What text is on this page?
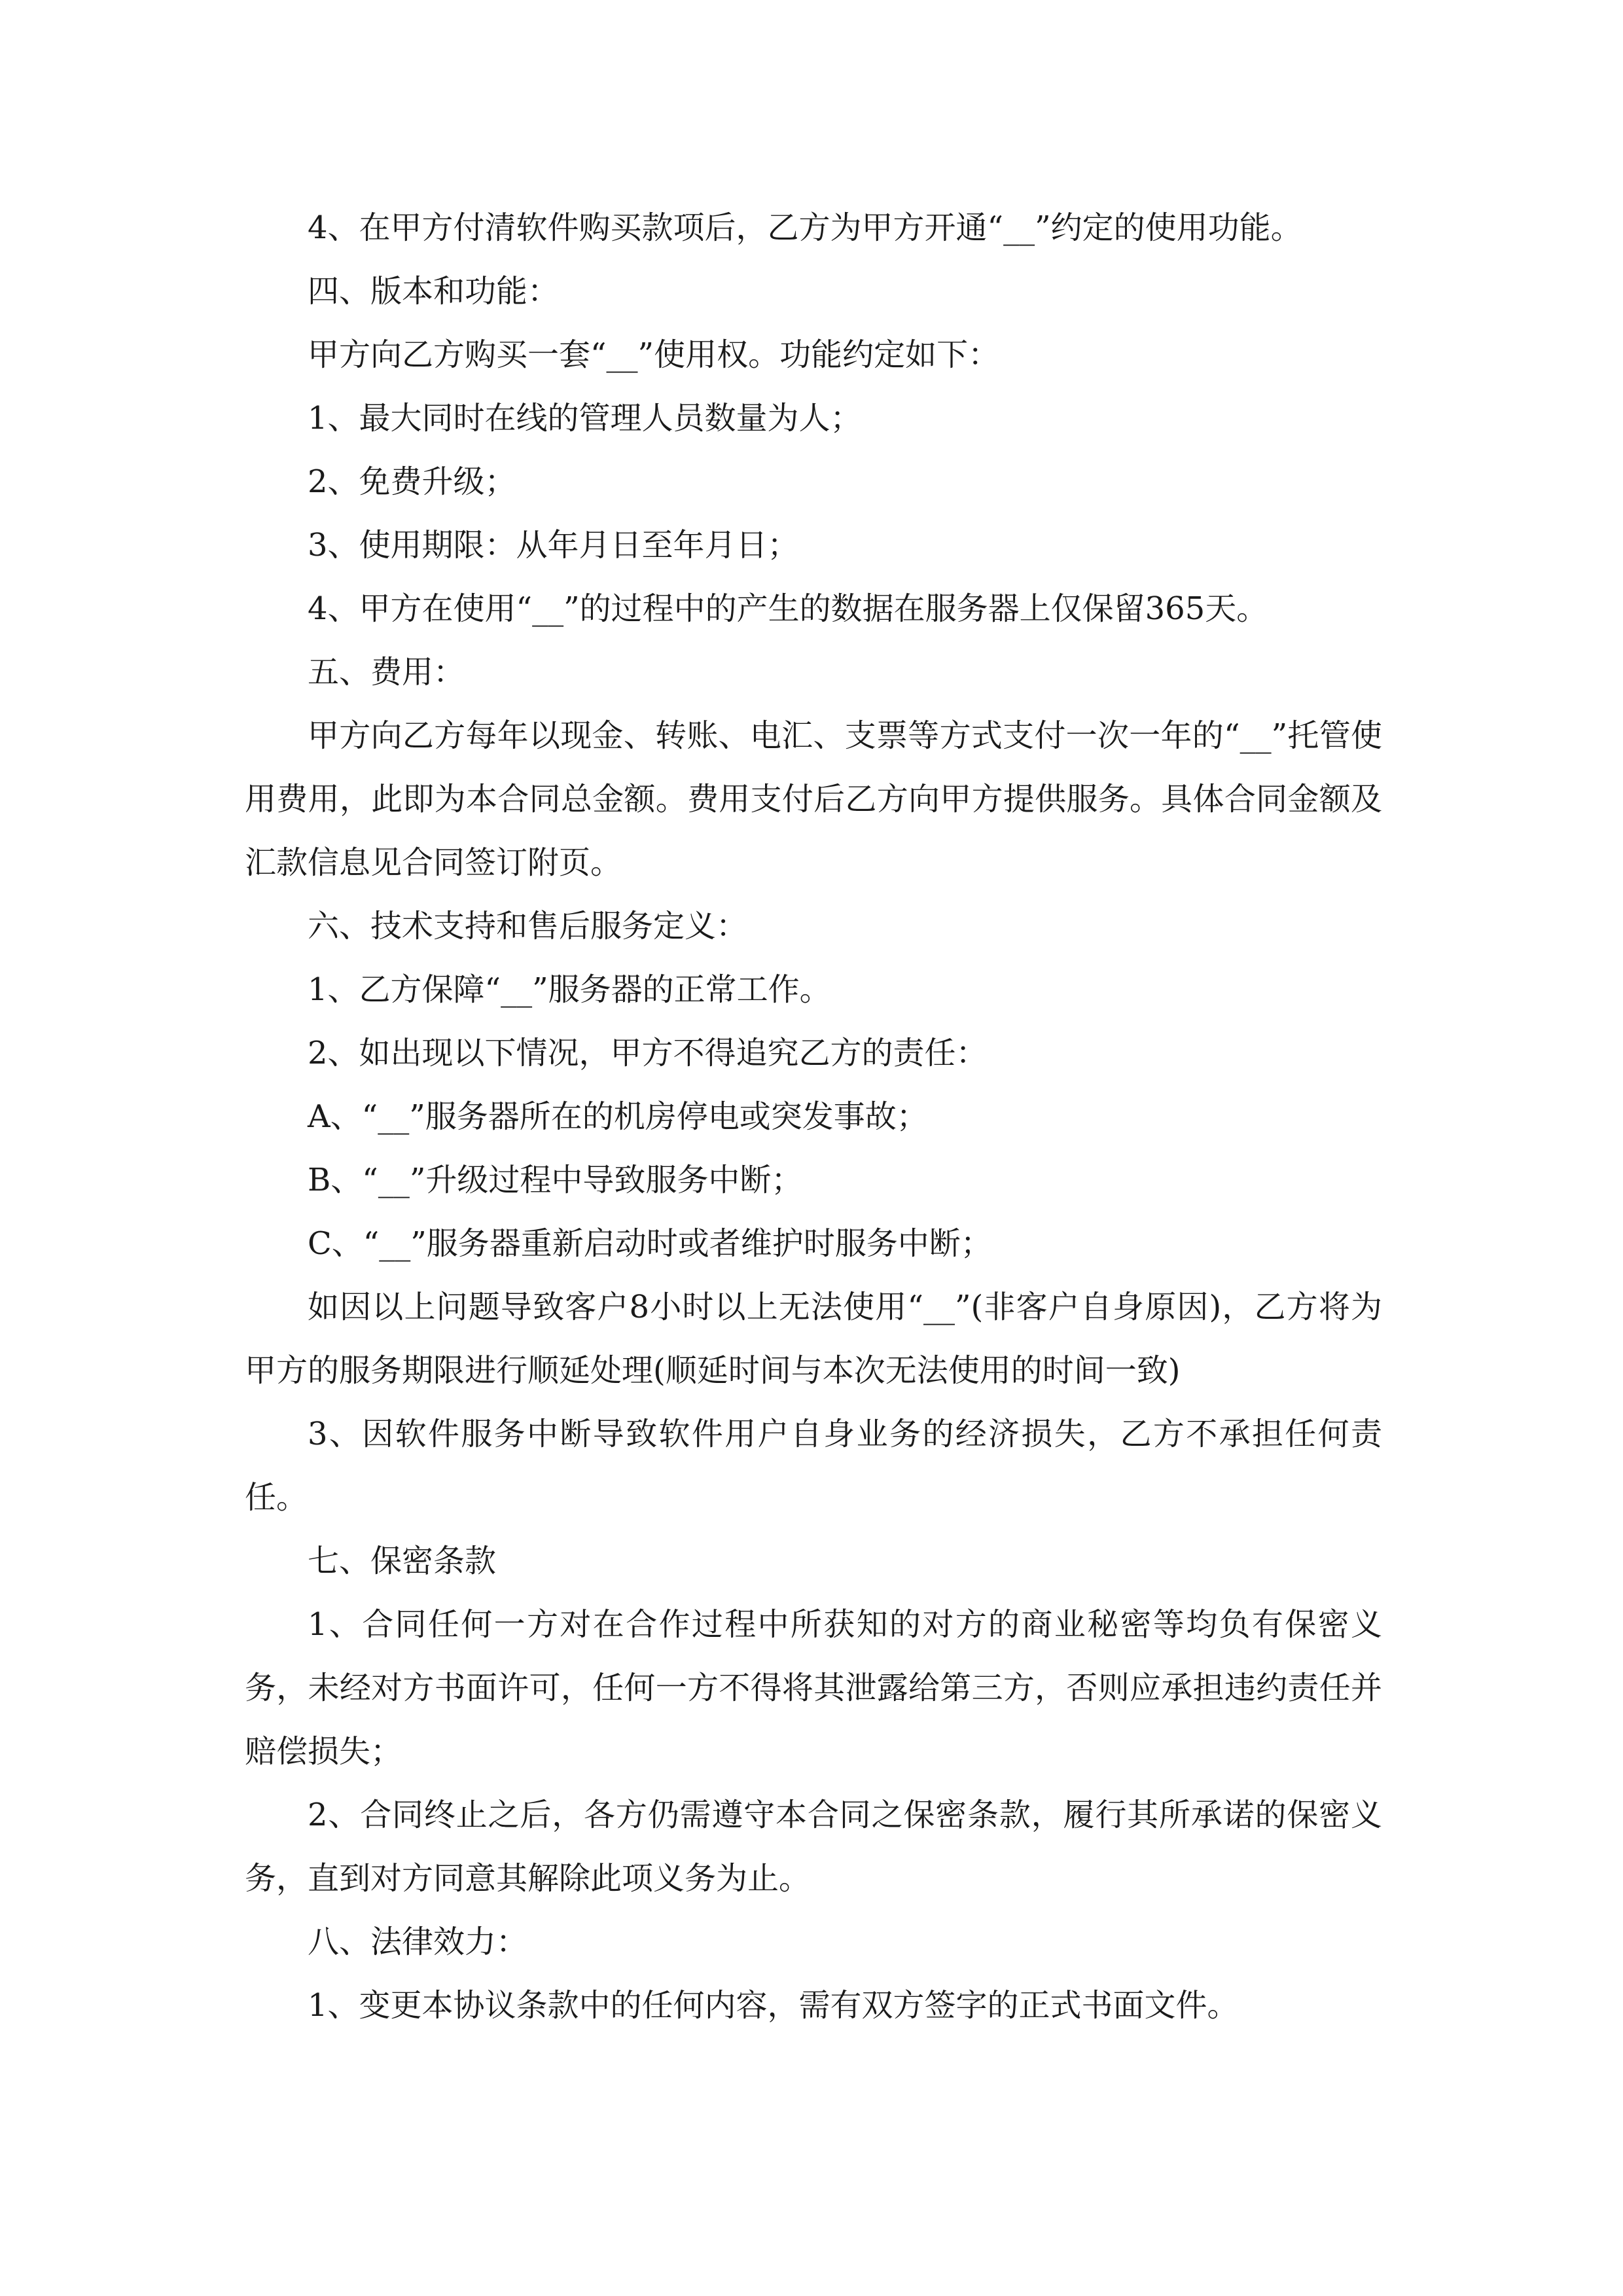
4、在甲方付清软件购买款项后，乙方为甲方开通“__”约定的使用功能。

四、版本和功能：

甲方向乙方购买一套“__”使用权。功能约定如下：

1、最大同时在线的管理人员数量为人；

2、免费升级；

3、使用期限：从年月日至年月日；

4、甲方在使用“__”的过程中的产生的数据在服务器上仅保留365天。

五、费用：

甲方向乙方每年以现金、转账、电汇、支票等方式支付一次一年的“__”托管使用费用，此即为本合同总金额。费用支付后乙方向甲方提供服务。具体合同金额及汇款信息见合同签订附页。

六、技术支持和售后服务定义：

1、乙方保障“__”服务器的正常工作。

2、如出现以下情况，甲方不得追究乙方的责任：

A、“__”服务器所在的机房停电或突发事故；

B、“__”升级过程中导致服务中断；

C、“__”服务器重新启动时或者维护时服务中断；

如因以上问题导致客户8小时以上无法使用“__”(非客户自身原因)，乙方将为甲方的服务期限进行顺延处理(顺延时间与本次无法使用的时间一致)

3、因软件服务中断导致软件用户自身业务的经济损失，乙方不承担任何责任。

七、保密条款

1、合同任何一方对在合作过程中所获知的对方的商业秘密等均负有保密义务，未经对方书面许可，任何一方不得将其泄露给第三方，否则应承担违约责任并赔偿损失；

2、合同终止之后，各方仍需遵守本合同之保密条款，履行其所承诺的保密义务，直到对方同意其解除此项义务为止。

八、法律效力：

1、变更本协议条款中的任何内容，需有双方签字的正式书面文件。
